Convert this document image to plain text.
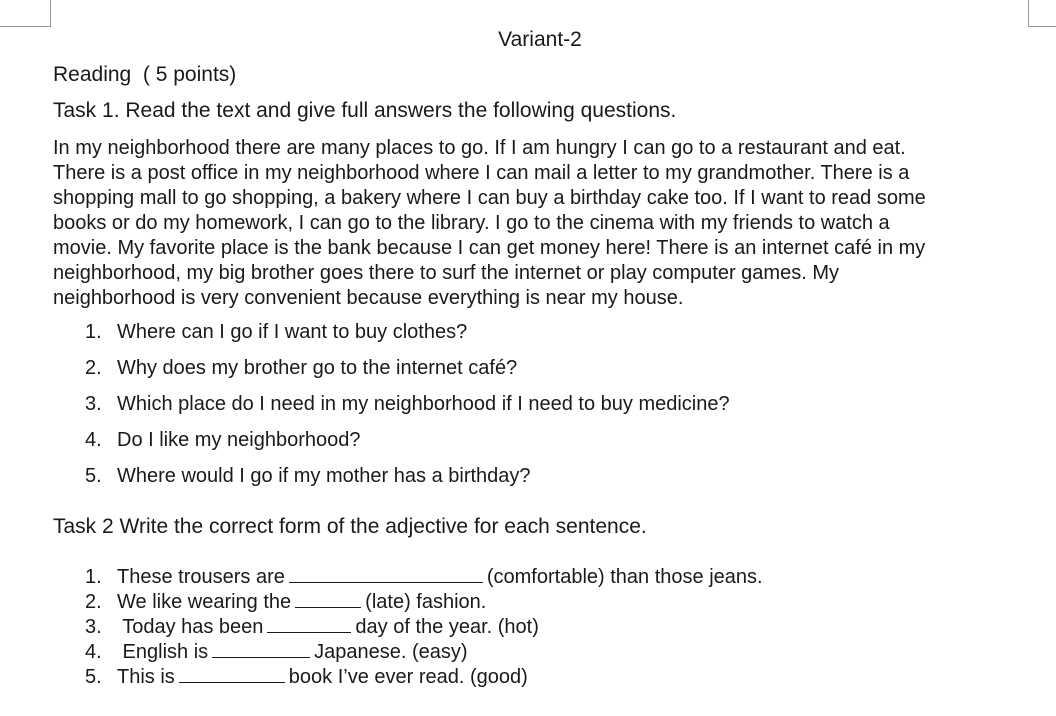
Variant-2
Reading  ( 5 points)
Task 1. Read the text and give full answers the following questions.
In my neighborhood there are many places to go. If I am hungry I can go to a restaurant and eat.
There is a post office in my neighborhood where I can mail a letter to my grandmother. There is a
shopping mall to go shopping, a bakery where I can buy a birthday cake too. If I want to read some
books or do my homework, I can go to the library. I go to the cinema with my friends to watch a
movie. My favorite place is the bank because I can get money here! There is an internet café in my
neighborhood, my big brother goes there to surf the internet or play computer games. My
neighborhood is very convenient because everything is near my house.
1. Where can I go if I want to buy clothes?
2. Why does my brother go to the internet café?
3. Which place do I need in my neighborhood if I need to buy medicine?
4. Do I like my neighborhood?
5. Where would I go if my mother has a birthday?
Task 2 Write the correct form of the adjective for each sentence.
1. These trousers are	(comfortable) than those jeans.
2. We like wearing the	(late) fashion.
3. Today has been	day of the year. (hot)
4. English is	Japanese. (easy)
5. This is	book I’ve ever read. (good)
